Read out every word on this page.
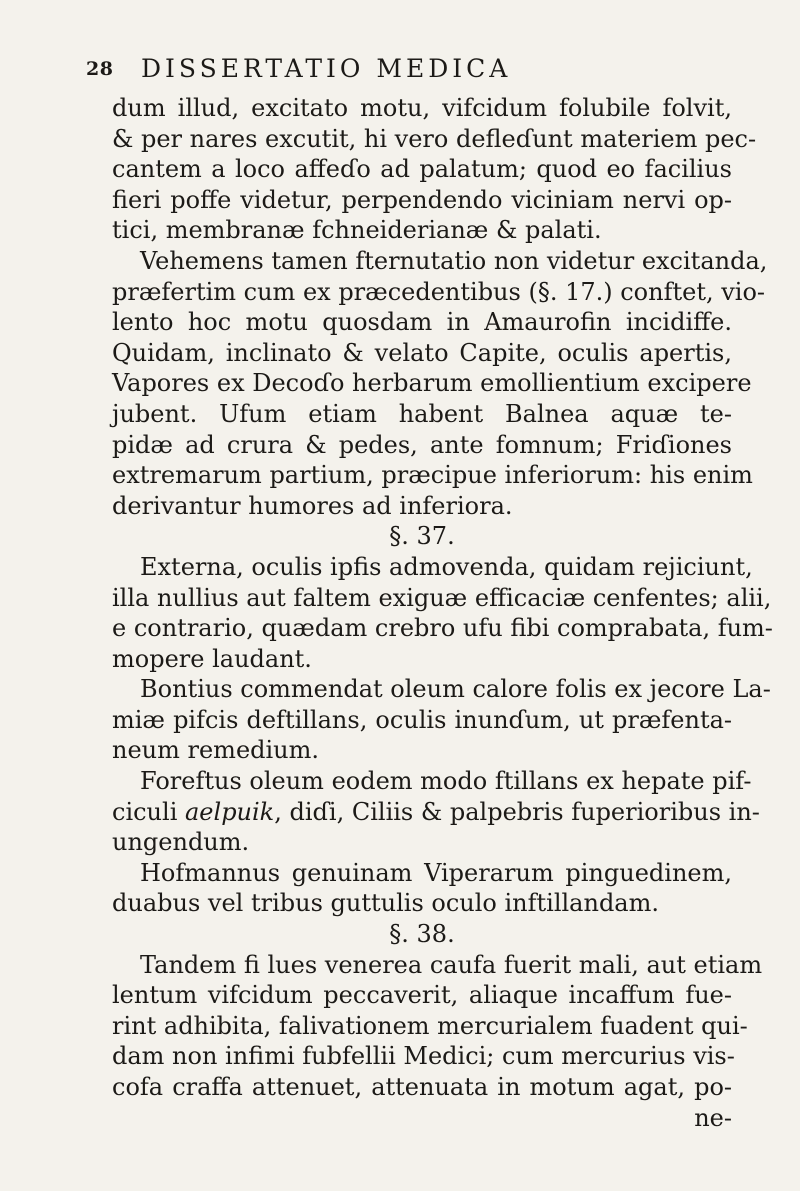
28 DISSERTATIO MEDICA
dum illud, excitato motu, vifcidum folubile folvit,
& per nares excutit, hi vero defleɗunt materiem pec-
cantem a loco affeɗo ad palatum; quod eo facilius
fieri poffe videtur, perpendendo viciniam nervi op-
tici, membranæ fchneiderianæ & palati.
Vehemens tamen fternutatio non videtur excitanda,
præfertim cum ex præcedentibus (§. 17.) conftet, vio-
lento hoc motu quosdam in Amaurofin incidiffe.
Quidam, inclinato & velato Capite, oculis apertis,
Vapores ex Decoɗo herbarum emollientium excipere
jubent. Ufum etiam habent Balnea aquæ te-
pidæ ad crura & pedes, ante fomnum; Friɗiones
extremarum partium, præcipue inferiorum: his enim
derivantur humores ad inferiora.
§. 37.
Externa, oculis ipfis admovenda, quidam rejiciunt,
illa nullius aut faltem exiguæ efficaciæ cenfentes; alii,
e contrario, quædam crebro ufu fibi comprabata, fum-
mopere laudant.
Bontius commendat oleum calore folis ex jecore La-
miæ pifcis deftillans, oculis inunɗum, ut præfenta-
neum remedium.
Foreftus oleum eodem modo ftillans ex hepate pif-
ciculi aelpuik, diɗi, Ciliis & palpebris fuperioribus in-
ungendum.
Hofmannus genuinam Viperarum pinguedinem,
duabus vel tribus guttulis oculo inftillandam.
§. 38.
Tandem fi lues venerea caufa fuerit mali, aut etiam
lentum vifcidum peccaverit, aliaque incaffum fue-
rint adhibita, falivationem mercurialem fuadent qui-
dam non infimi fubfellii Medici; cum mercurius vis-
cofa craffa attenuet, attenuata in motum agat, po-
ne-
